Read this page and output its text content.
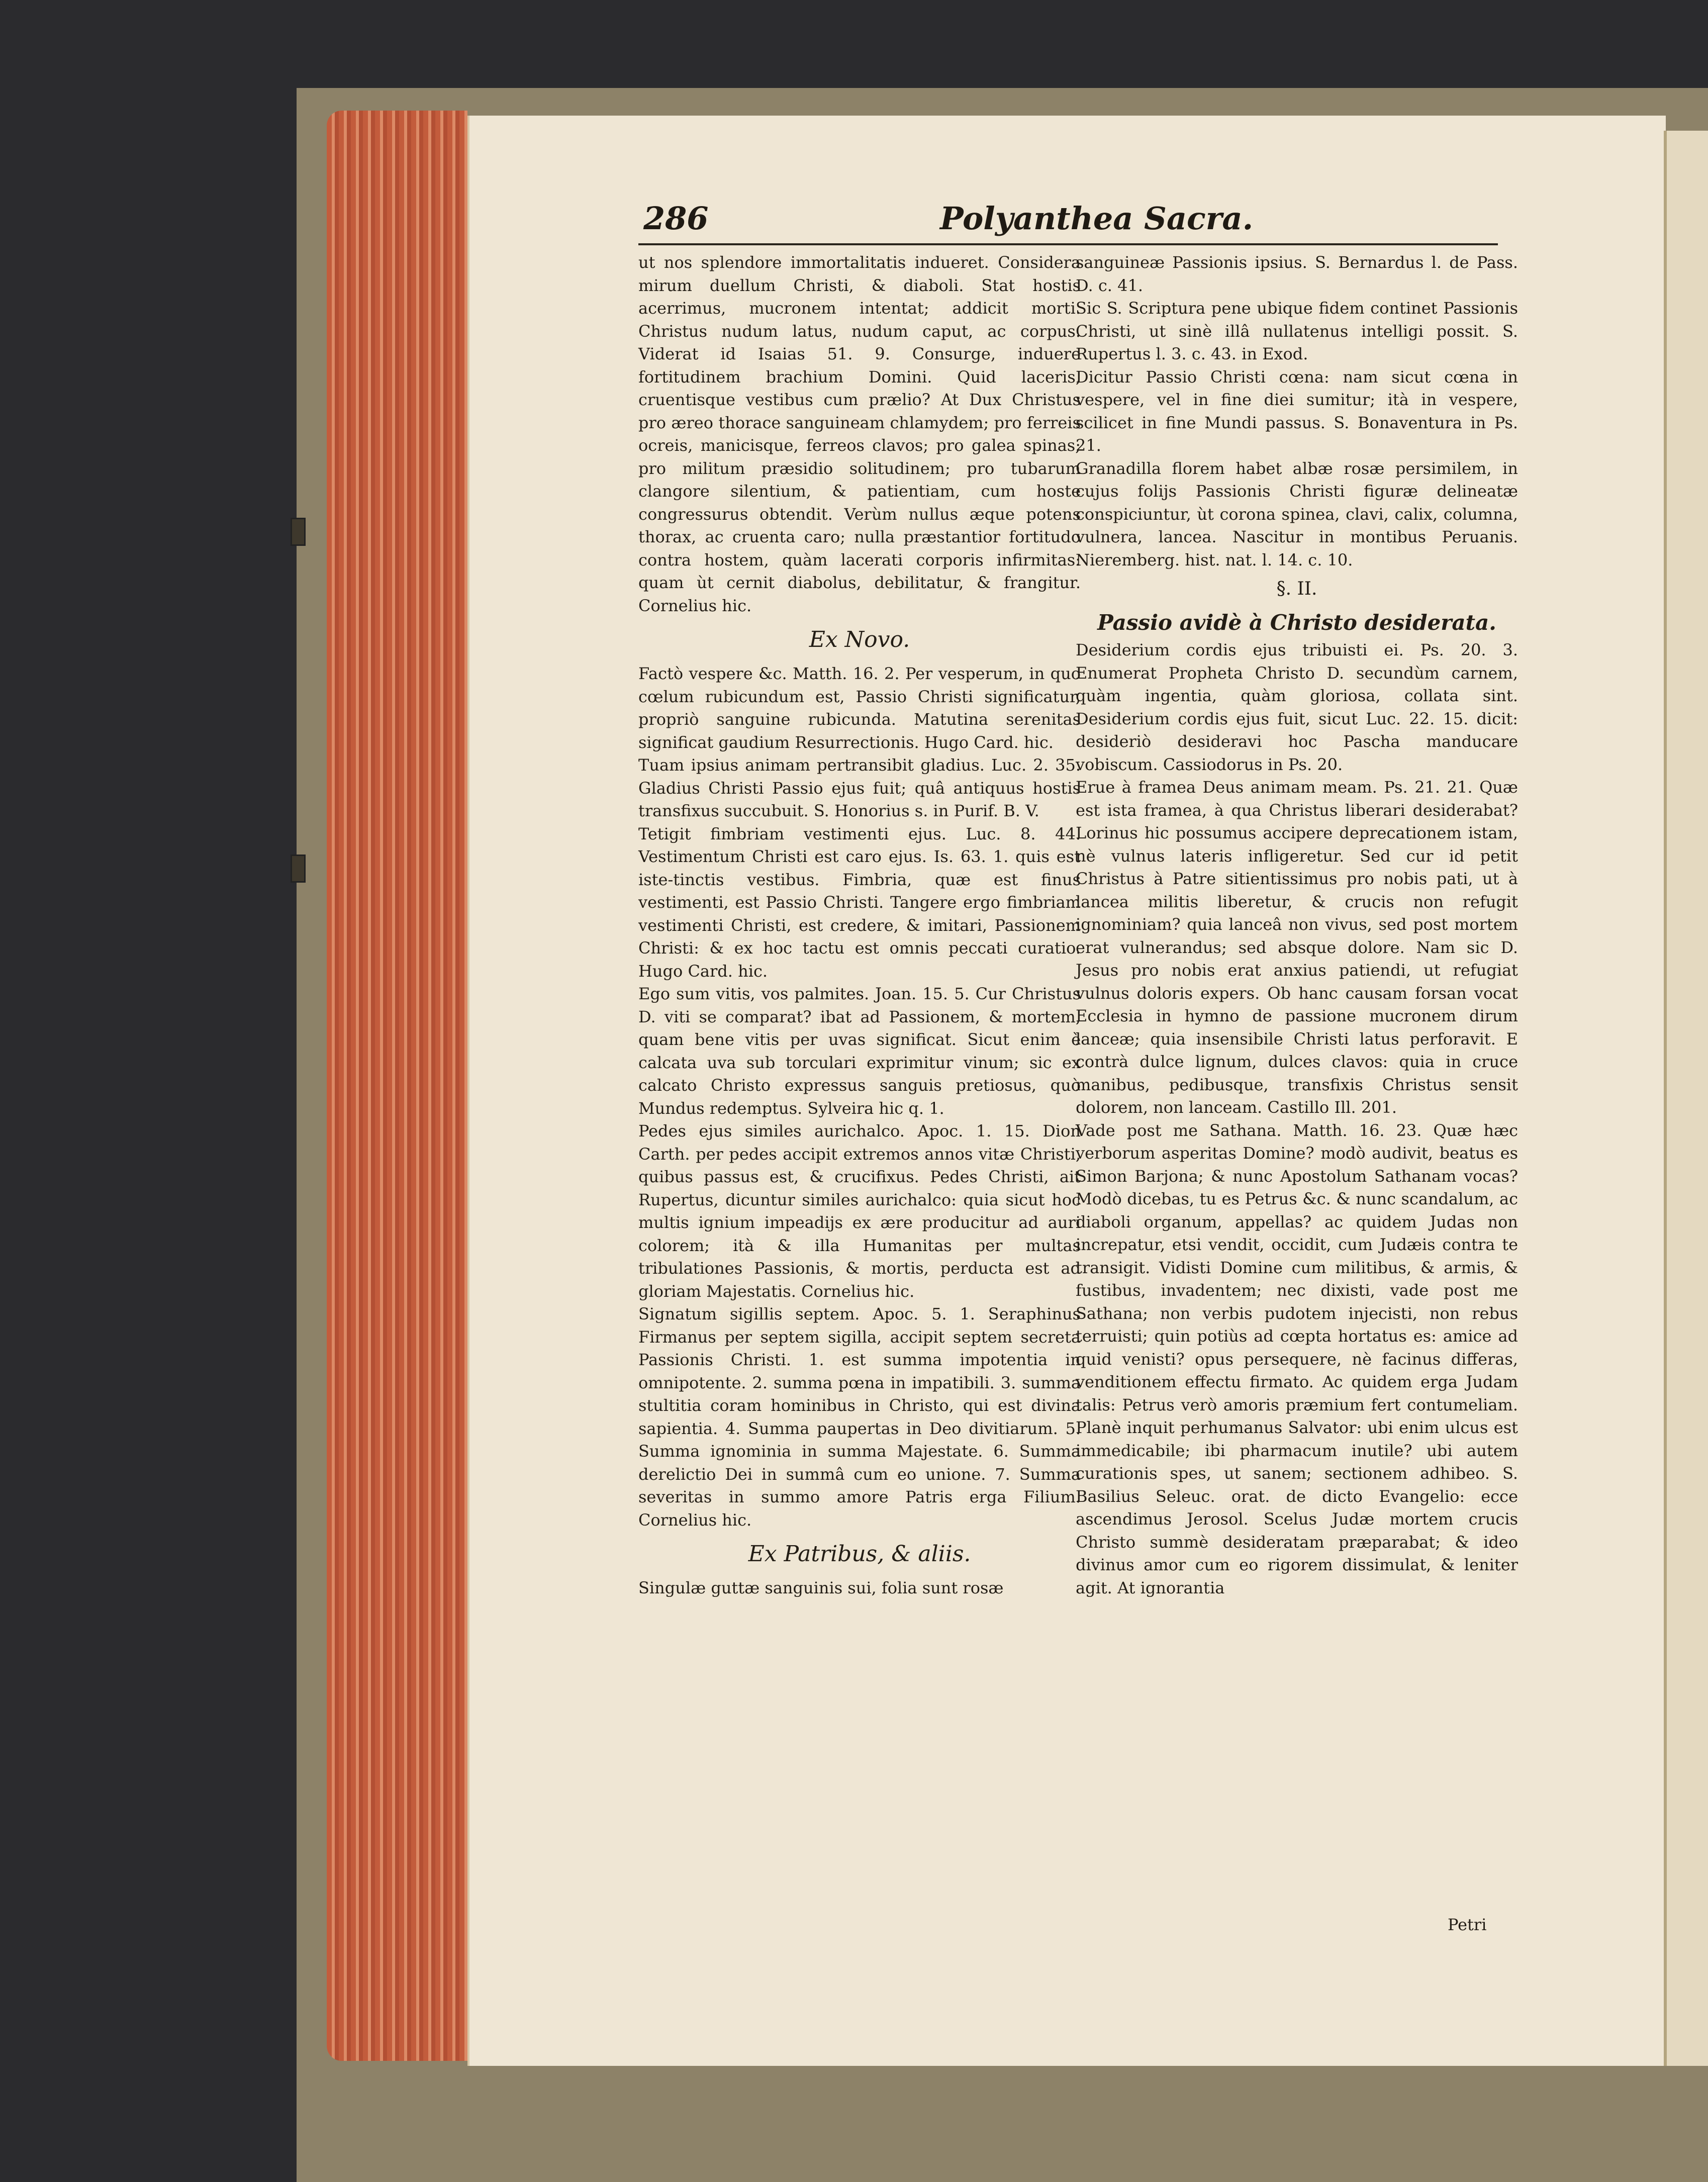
286	Polyanthea Sacra.

ut nos splendore immortalitatis indueret. Considera mirum duellum Christi, & diaboli. Stat hostis acerrimus, mucronem intentat; addicit morti. Christus nudum latus, nudum caput, ac corpus. Viderat id Isaias 51. 9. Consurge, induere fortitudinem brachium Domini. Quid laceris, cruentisque vestibus cum prælio? At Dux Christus pro æreo thorace sanguineam chlamydem; pro ferreis ocreis, manicisque, ferreos clavos; pro galea spinas; pro militum præsidio solitudinem; pro tubarum clangore silentium, & patientiam, cum hoste congressurus obtendit. Verùm nullus æque potens thorax, ac cruenta caro; nulla præstantior fortitudo contra hostem, quàm lacerati corporis infirmitas: quam ùt cernit diabolus, debilitatur, & frangitur. Cornelius hic.

Ex Novo.

Factò vespere &c. Matth. 16. 2. Per vesperum, in quo cœlum rubicundum est, Passio Christi significatur, propriò sanguine rubicunda. Matutina serenitas significat gaudium Resurrectionis. Hugo Card. hic.

Tuam ipsius animam pertransibit gladius. Luc. 2. 35. Gladius Christi Passio ejus fuit; quâ antiquus hostis transfixus succubuit. S. Honorius s. in Purif. B. V.

Tetigit fimbriam vestimenti ejus. Luc. 8. 44. Vestimentum Christi est caro ejus. Is. 63. 1. quis est iste-tinctis vestibus. Fimbria, quæ est finus vestimenti, est Passio Christi. Tangere ergo fimbriam vestimenti Christi, est credere, & imitari, Passionem Christi: & ex hoc tactu est omnis peccati curatio. Hugo Card. hic.

Ego sum vitis, vos palmites. Joan. 15. 5. Cur Christus D. viti se comparat? ibat ad Passionem, & mortem, quam bene vitis per uvas significat. Sicut enim è calcata uva sub torculari exprimitur vinum; sic ex calcato Christo expressus sanguis pretiosus, quò Mundus redemptus. Sylveira hic q. 1.

Pedes ejus similes aurichalco. Apoc. 1. 15. Dion Carth. per pedes accipit extremos annos vitæ Christi, quibus passus est, & crucifixus. Pedes Christi, ait Rupertus, dicuntur similes aurichalco: quia sicut hoc multis ignium impeadijs ex ære producitur ad auri colorem; ità & illa Humanitas per multas tribulationes Passionis, & mortis, perducta est ad gloriam Majestatis. Cornelius hic.

Signatum sigillis septem. Apoc. 5. 1. Seraphinus Firmanus per septem sigilla, accipit septem secreta Passionis Christi. 1. est summa impotentia in omnipotente. 2. summa pœna in impatibili. 3. summa stultitia coram hominibus in Christo, qui est divina sapientia. 4. Summa paupertas in Deo divitiarum. 5. Summa ignominia in summa Majestate. 6. Summa derelictio Dei in summâ cum eo unione. 7. Summa severitas in summo amore Patris erga Filium. Cornelius hic.

Ex Patribus, & aliis.

Singulæ guttæ sanguinis sui, folia sunt rosæ

sanguineæ Passionis ipsius. S. Bernardus l. de Pass. D. c. 41.

Sic S. Scriptura pene ubique fidem continet Passionis Christi, ut sinè illâ nullatenus intelligi possit. S. Rupertus l. 3. c. 43. in Exod.

Dicitur Passio Christi cœna: nam sicut cœna in vespere, vel in fine diei sumitur; ità in vespere, scilicet in fine Mundi passus. S. Bonaventura in Ps. 21.

Granadilla florem habet albæ rosæ persimilem, in cujus folijs Passionis Christi figuræ delineatæ conspiciuntur, ùt corona spinea, clavi, calix, columna, vulnera, lancea. Nascitur in montibus Peruanis. Nieremberg. hist. nat. l. 14. c. 10.

§. II.

Passio avidè à Christo desiderata.

Desiderium cordis ejus tribuisti ei. Ps. 20. 3. Enumerat Propheta Christo D. secundùm carnem, quàm ingentia, quàm gloriosa, collata sint. Desiderium cordis ejus fuit, sicut Luc. 22. 15. dicit: desideriò desideravi hoc Pascha manducare vobiscum. Cassiodorus in Ps. 20.

Erue à framea Deus animam meam. Ps. 21. 21. Quæ est ista framea, à qua Christus liberari desiderabat? Lorinus hic possumus accipere deprecationem istam, nè vulnus lateris infligeretur. Sed cur id petit Christus à Patre sitientissimus pro nobis pati, ut à lancea militis liberetur, & crucis non refugit ignominiam? quia lanceâ non vivus, sed post mortem erat vulnerandus; sed absque dolore. Nam sic D. Jesus pro nobis erat anxius patiendi, ut refugiat vulnus doloris expers. Ob hanc causam forsan vocat Ecclesia in hymno de passione mucronem dirum lanceæ; quia insensibile Christi latus perforavit. E contrà dulce lignum, dulces clavos: quia in cruce manibus, pedibusque, transfixis Christus sensit dolorem, non lanceam. Castillo Ill. 201.

Vade post me Sathana. Matth. 16. 23. Quæ hæc verborum asperitas Domine? modò audivit, beatus es Simon Barjona; & nunc Apostolum Sathanam vocas? Modò dicebas, tu es Petrus &c. & nunc scandalum, ac diaboli organum, appellas? ac quidem Judas non increpatur, etsi vendit, occidit, cum Judæis contra te transigit. Vidisti Domine cum militibus, & armis, & fustibus, invadentem; nec dixisti, vade post me Sathana; non verbis pudotem injecisti, non rebus terruisti; quin potiùs ad cœpta hortatus es: amice ad quid venisti? opus persequere, nè facinus differas, venditionem effectu firmato. Ac quidem erga Judam talis: Petrus verò amoris præmium fert contumeliam. Planè inquit perhumanus Salvator: ubi enim ulcus est immedicabile; ibi pharmacum inutile? ubi autem curationis spes, ut sanem; sectionem adhibeo. S. Basilius Seleuc. orat. de dicto Evangelio: ecce ascendimus Jerosol. Scelus Judæ mortem crucis Christo summè desideratam præparabat; & ideo divinus amor cum eo rigorem dissimulat, & leniter agit. At ignorantia

Petri
